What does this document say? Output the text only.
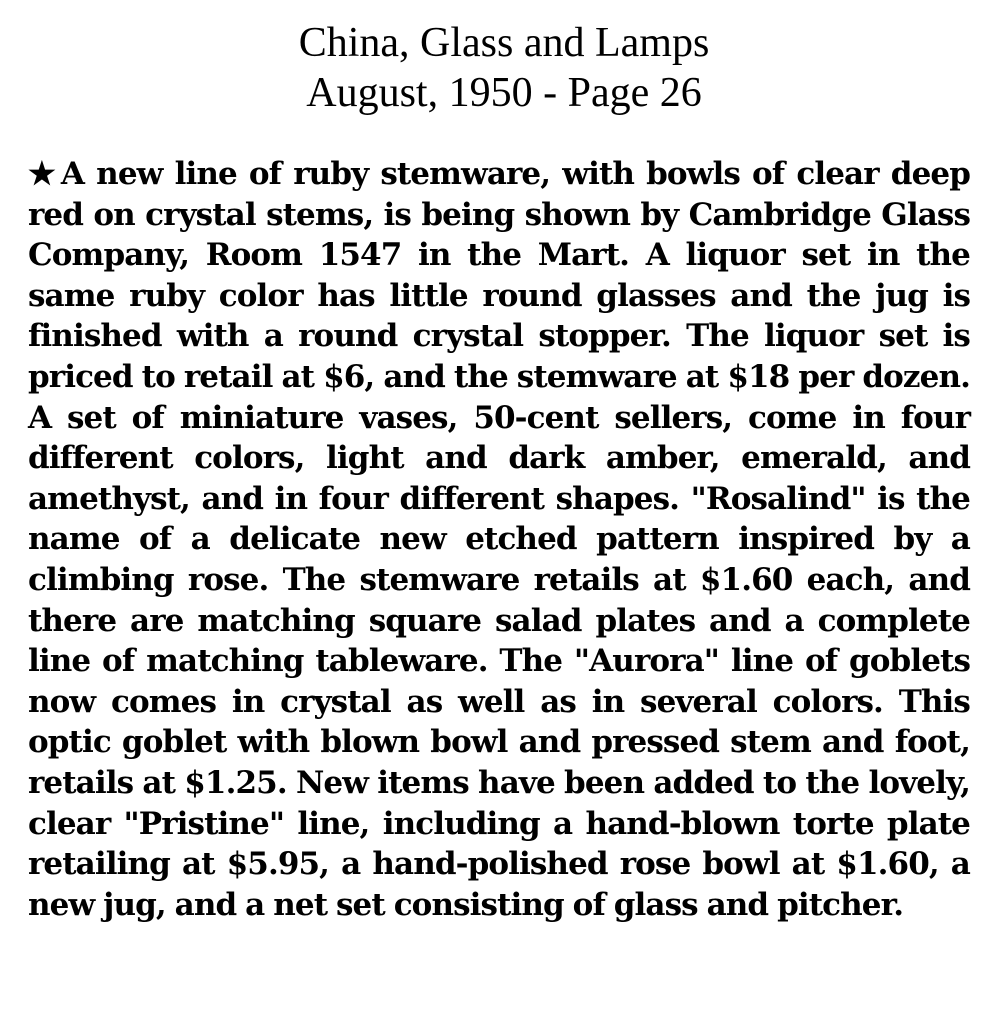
China, Glass and Lamps
August, 1950 - Page 26
★ A new line of ruby stemware, with bowls of clear deep red on crystal stems, is being shown by Cambridge Glass Company, Room 1547 in the Mart. A liquor set in the same ruby color has little round glasses and the jug is finished with a round crystal stopper. The liquor set is priced to retail at $6, and the stemware at $18 per dozen. A set of miniature vases, 50-cent sellers, come in four different colors, light and dark amber, emerald, and amethyst, and in four different shapes. "Rosalind" is the name of a delicate new etched pattern inspired by a climbing rose. The stemware retails at $1.60 each, and there are matching square salad plates and a complete line of matching tableware. The "Aurora" line of goblets now comes in crystal as well as in several colors. This optic goblet with blown bowl and pressed stem and foot, retails at $1.25. New items have been added to the lovely, clear "Pristine" line, including a hand-blown torte plate retailing at $5.95, a hand-polished rose bowl at $1.60, a new jug, and a net set consisting of glass and pitcher.
